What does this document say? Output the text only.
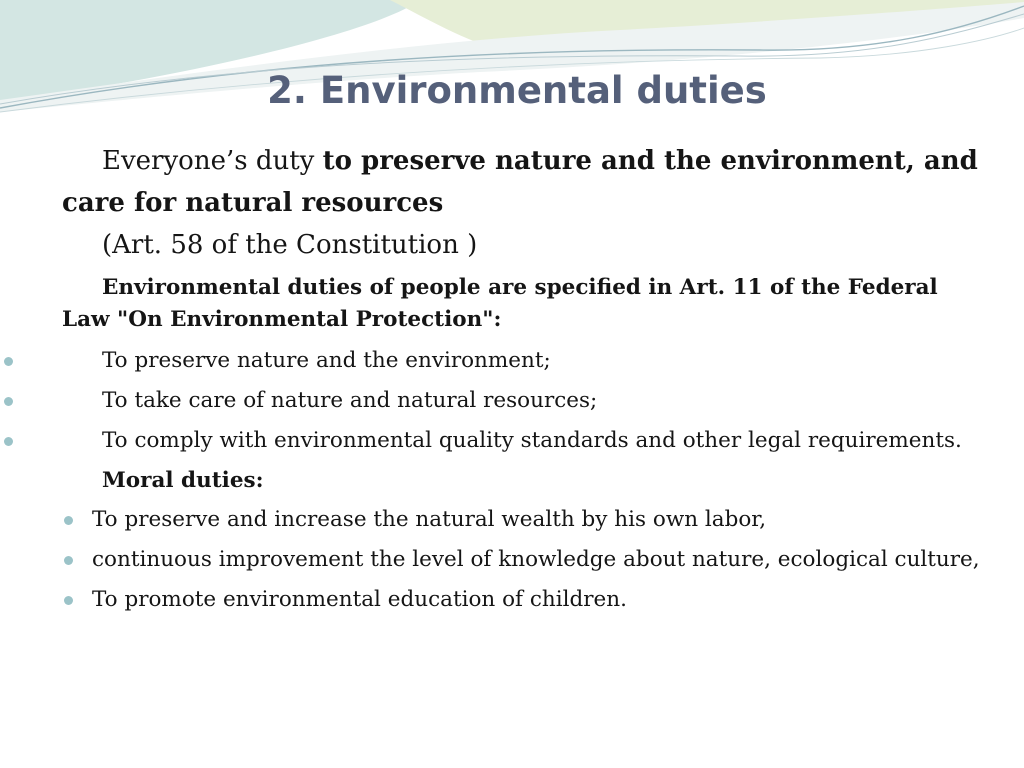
2. Environmental duties

Everyone’s duty to preserve nature and the environment, and care for natural resources

(Art. 58 of the Constitution )

Environmental duties of people are specified in Art. 11 of the Federal Law "On Environmental Protection":

To preserve nature and the environment;
To take care of nature and natural resources;
To comply with environmental quality standards and other legal requirements.

Moral duties:

To preserve and increase the natural wealth by his own labor,
continuous improvement the level of knowledge about nature, ecological culture,
To promote environmental education of children.
